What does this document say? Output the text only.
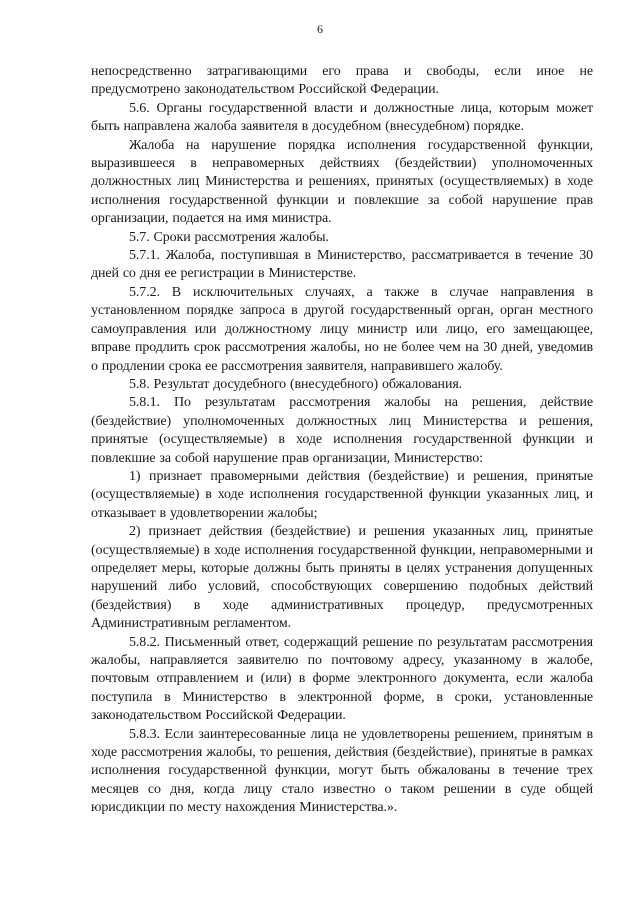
6

непосредственно затрагивающими его права и свободы, если иное не предусмотрено законодательством Российской Федерации.

5.6. Органы государственной власти и должностные лица, которым может быть направлена жалоба заявителя в досудебном (внесудебном) порядке.

Жалоба на нарушение порядка исполнения государственной функции, выразившееся в неправомерных действиях (бездействии) уполномоченных должностных лиц Министерства и решениях, принятых (осуществляемых) в ходе исполнения государственной функции и повлекшие за собой нарушение прав организации, подается на имя министра.

5.7. Сроки рассмотрения жалобы.

5.7.1. Жалоба, поступившая в Министерство, рассматривается в течение 30 дней со дня ее регистрации в Министерстве.

5.7.2. В исключительных случаях, а также в случае направления в установленном порядке запроса в другой государственный орган, орган местного самоуправления или должностному лицу министр или лицо, его замещающее, вправе продлить срок рассмотрения жалобы, но не более чем на 30 дней, уведомив о продлении срока ее рассмотрения заявителя, направившего жалобу.

5.8. Результат досудебного (внесудебного) обжалования.

5.8.1. По результатам рассмотрения жалобы на решения, действие (бездействие) уполномоченных должностных лиц Министерства и решения, принятые (осуществляемые) в ходе исполнения государственной функции и повлекшие за собой нарушение прав организации, Министерство:

1) признает правомерными действия (бездействие) и решения, принятые (осуществляемые) в ходе исполнения государственной функции указанных лиц, и отказывает в удовлетворении жалобы;

2) признает действия (бездействие) и решения указанных лиц, принятые (осуществляемые) в ходе исполнения государственной функции, неправомерными и определяет меры, которые должны быть приняты в целях устранения допущенных нарушений либо условий, способствующих совершению подобных действий (бездействия) в ходе административных процедур, предусмотренных Административным регламентом.

5.8.2. Письменный ответ, содержащий решение по результатам рассмотрения жалобы, направляется заявителю по почтовому адресу, указанному в жалобе, почтовым отправлением и (или) в форме электронного документа, если жалоба поступила в Министерство в электронной форме, в сроки, установленные законодательством Российской Федерации.

5.8.3. Если заинтересованные лица не удовлетворены решением, принятым в ходе рассмотрения жалобы, то решения, действия (бездействие), принятые в рамках исполнения государственной функции, могут быть обжалованы в течение трех месяцев со дня, когда лицу стало известно о таком решении в суде общей юрисдикции по месту нахождения Министерства.».
